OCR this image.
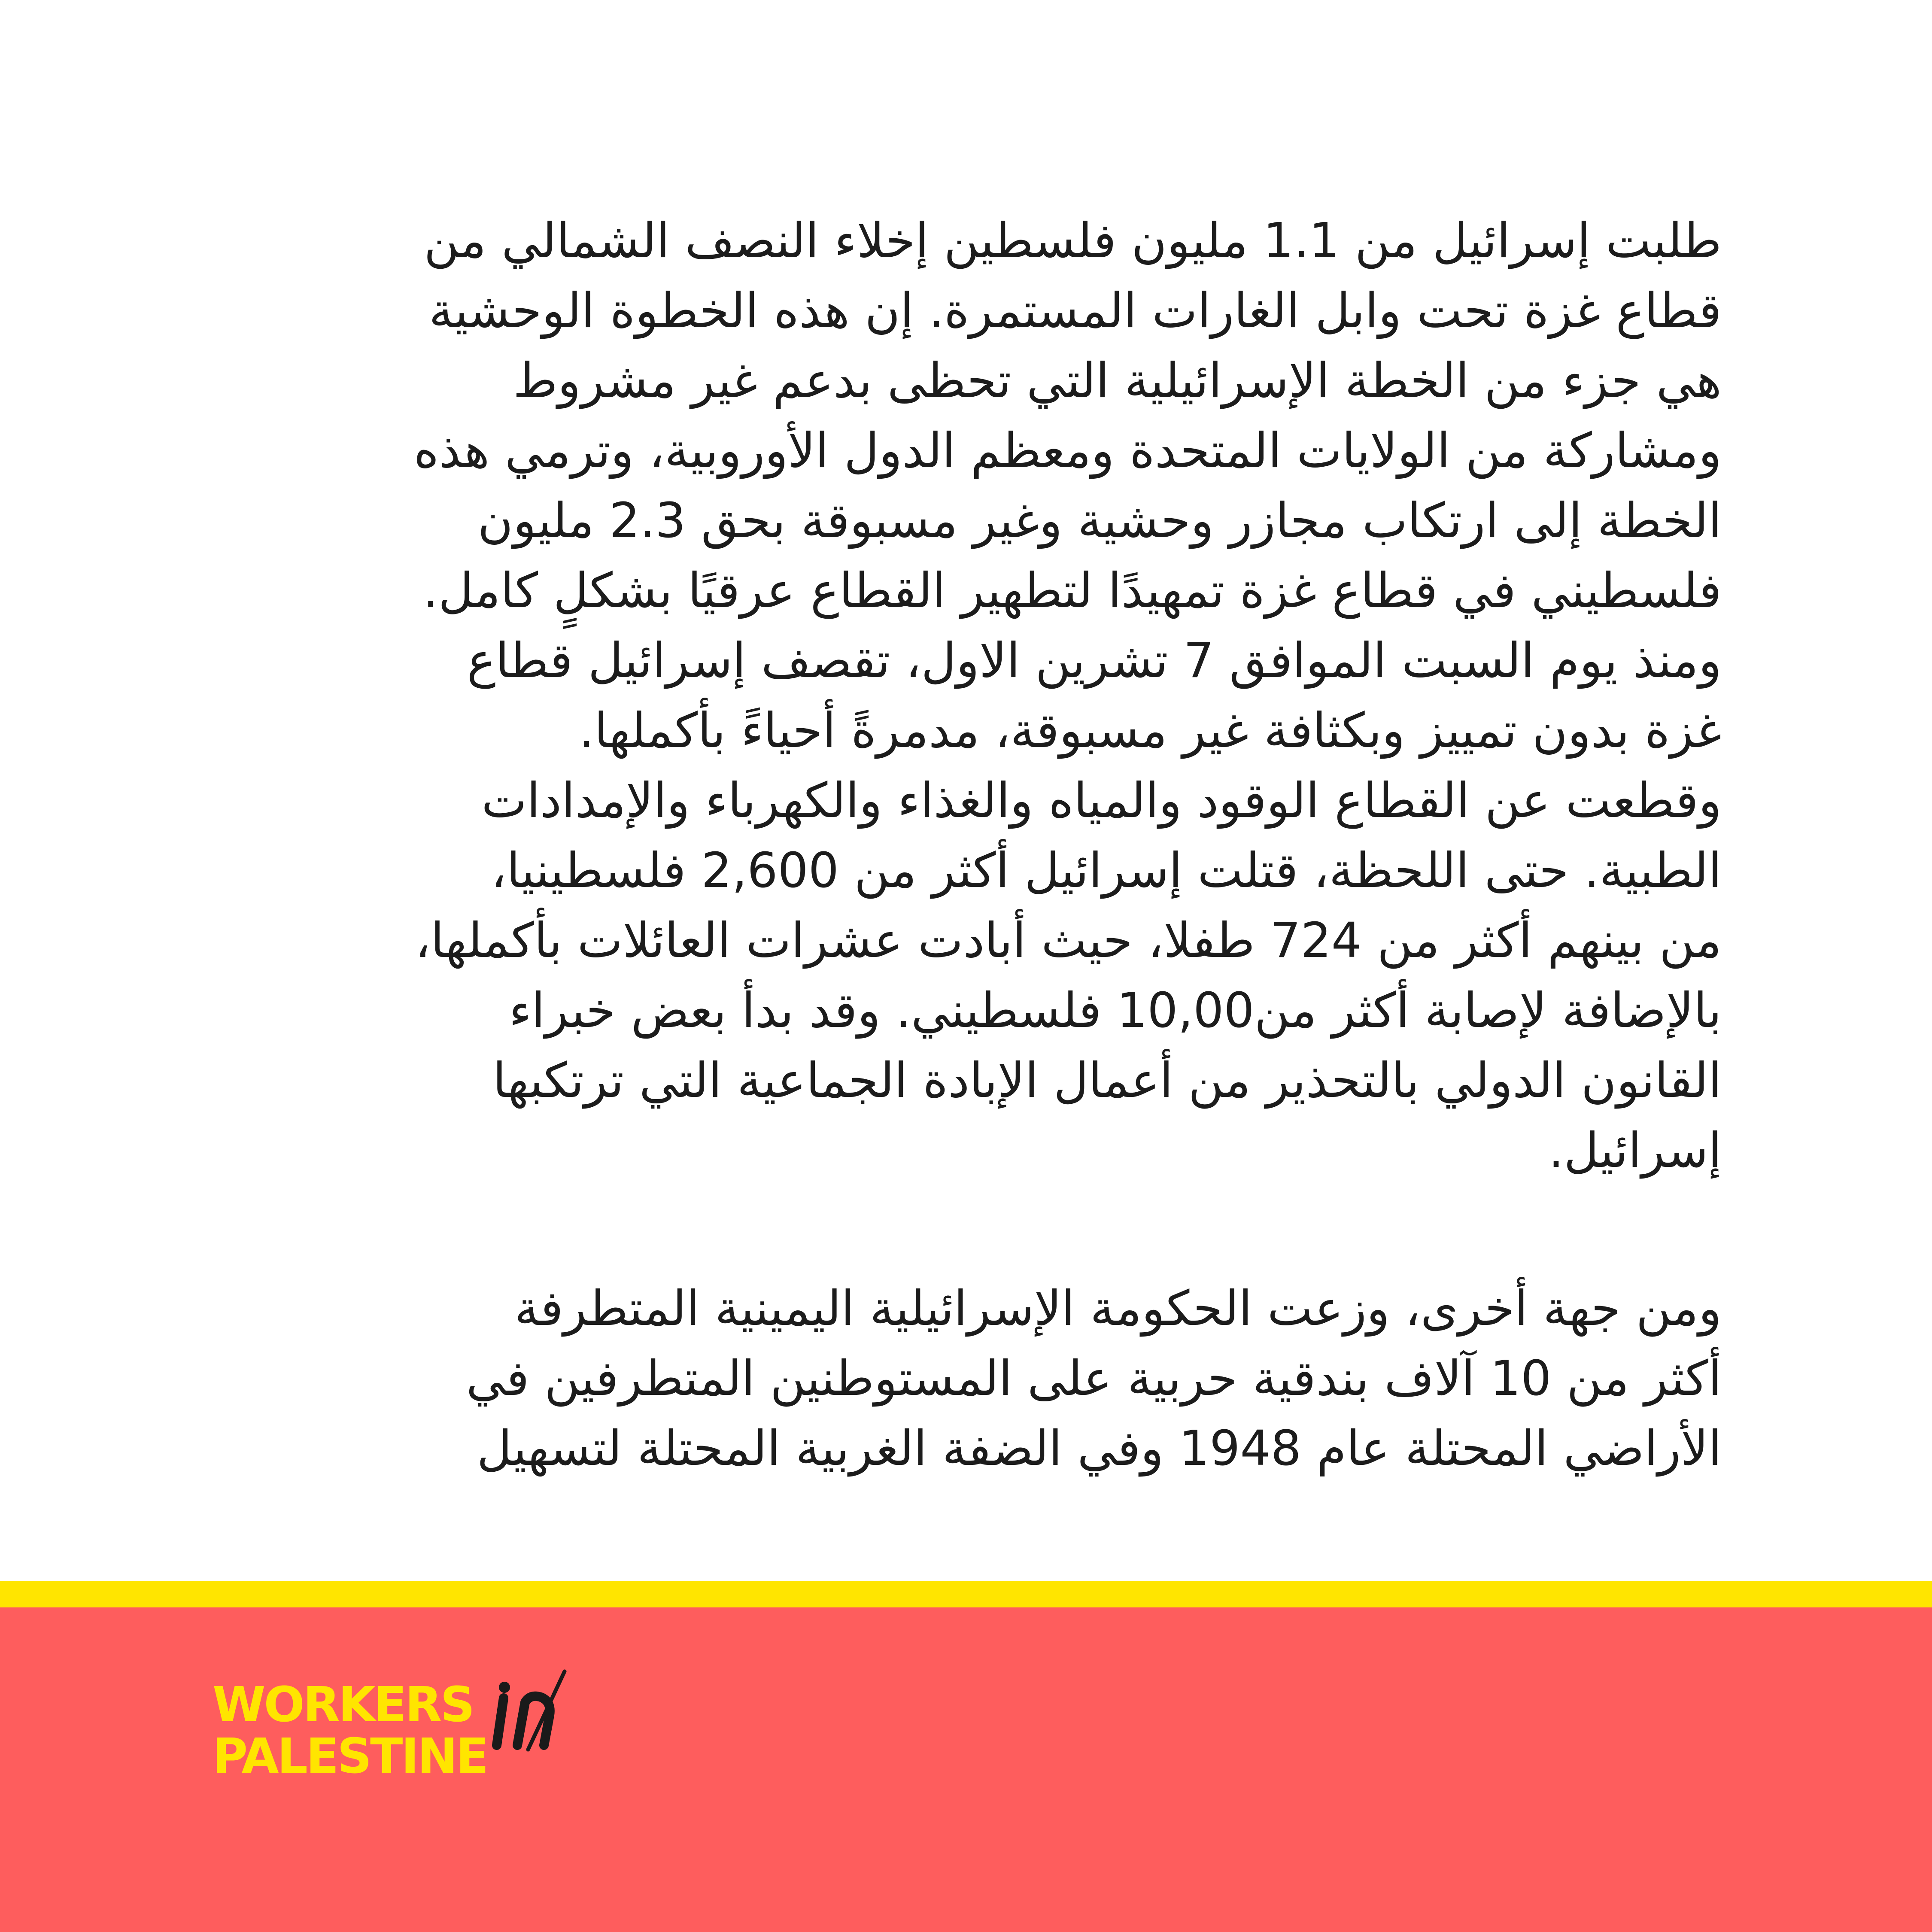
طلبت إسرائيل من 1.1 مليون فلسطين إخلاء النصف الشمالي من
قطاع غزة تحت وابل الغارات المستمرة. إن هذه الخطوة الوحشية
هي جزء من الخطة الإسرائيلية التي تحظى بدعم غير مشروط
ومشاركة من الولايات المتحدة ومعظم الدول الأوروبية، وترمي هذه
الخطة إلى ارتكاب مجازر وحشية وغير مسبوقة بحق 2.3 مليون
فلسطيني في قطاع غزة تمهيدًا لتطهير القطاع عرقيًا بشكلٍ كامل.
ومنذ يوم السبت الموافق 7 تشرين الاول، تقصف إسرائيل قطاع
غزة بدون تمييز وبكثافة غير مسبوقة، مدمرةً أحياءً بأكملها.
وقطعت عن القطاع الوقود والمياه والغذاء والكهرباء والإمدادات
الطبية. حتى اللحظة، قتلت إسرائيل أكثر من 2,600 فلسطينيا،
من بينهم أكثر من 724 طفلا، حيث أبادت عشرات العائلات بأكملها،
بالإضافة لإصابة أكثر من10,00 فلسطيني. وقد بدأ بعض خبراء
القانون الدولي بالتحذير من أعمال الإبادة الجماعية التي ترتكبها
إسرائيل.
ومن جهة أخرى، وزعت الحكومة الإسرائيلية اليمينية المتطرفة
أكثر من 10 آلاف بندقية حربية على المستوطنين المتطرفين في
الأراضي المحتلة عام 1948 وفي الضفة الغربية المحتلة لتسهيل
WORKERS
PALESTINE
